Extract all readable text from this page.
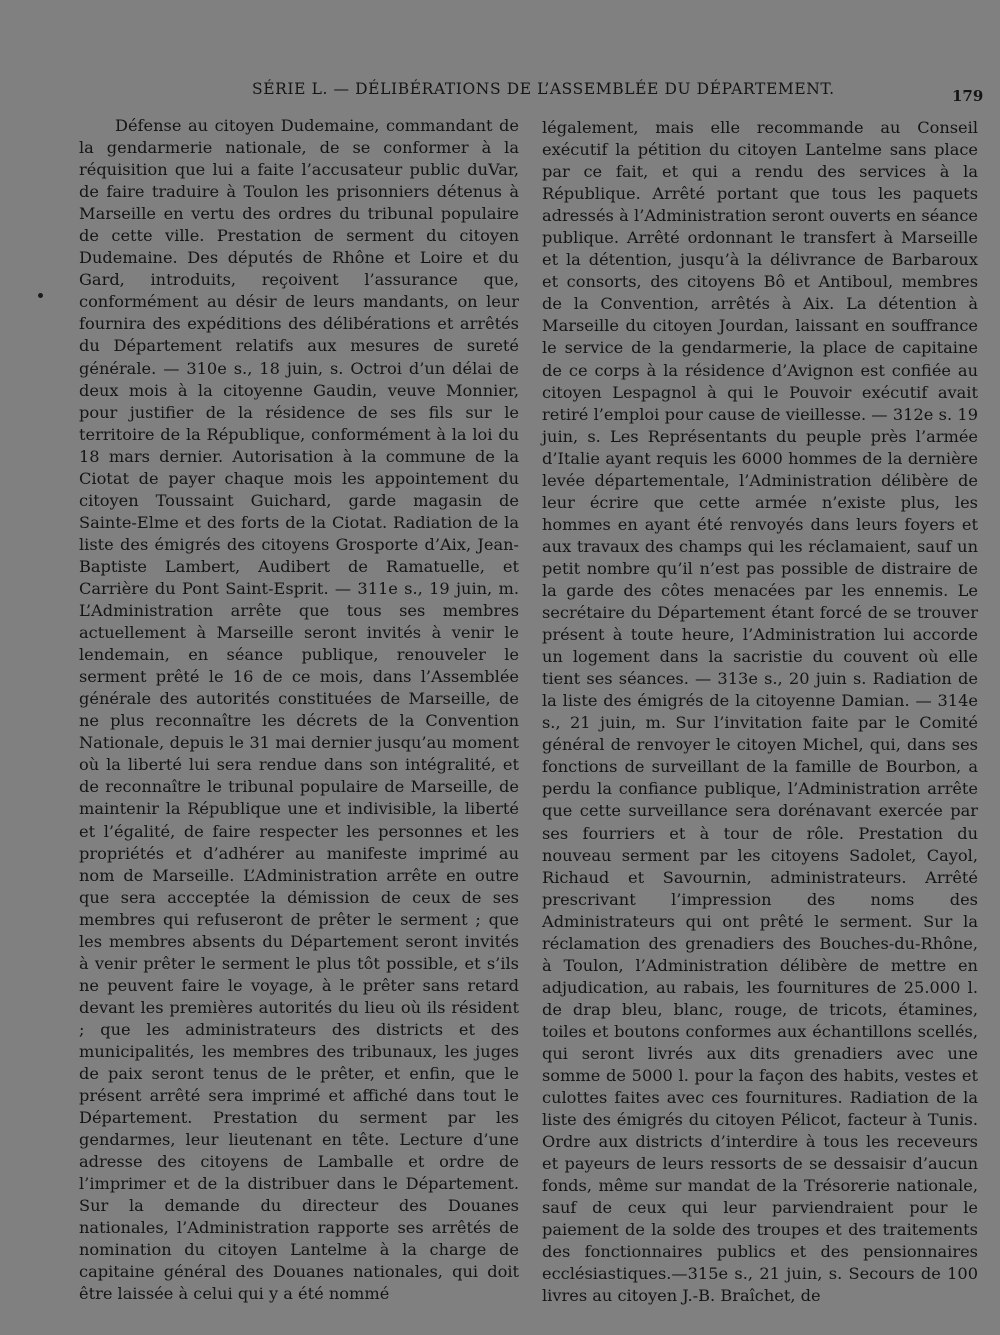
SÉRIE L. — DÉLIBÉRATIONS DE L’ASSEMBLÉE DU DÉPARTEMENT.	179

Défense au citoyen Dudemaine, commandant de la gendarmerie nationale, de se conformer à la réquisition que lui a faite l’accusateur public duVar, de faire traduire à Toulon les prisonniers détenus à Marseille en vertu des ordres du tribunal populaire de cette ville. Prestation de serment du citoyen Dudemaine. Des députés de Rhône et Loire et du Gard, introduits, reçoivent l’assurance que, conformément au désir de leurs mandants, on leur fournira des expéditions des délibérations et arrêtés du Département relatifs aux mesures de sureté générale. — 310e s., 18 juin, s. Octroi d’un délai de deux mois à la citoyenne Gaudin, veuve Monnier, pour justifier de la résidence de ses fils sur le territoire de la République, conformément à la loi du 18 mars dernier. Autorisation à la commune de la Ciotat de payer chaque mois les appointement du citoyen Toussaint Guichard, garde magasin de Sainte-Elme et des forts de la Ciotat. Radiation de la liste des émigrés des citoyens Grosporte d’Aix, Jean-Baptiste Lambert, Audibert de Ramatuelle, et Carrière du Pont Saint-Esprit. — 311e s., 19 juin, m. L’Administration arrête que tous ses membres actuellement à Marseille seront invités à venir le lendemain, en séance publique, renouveler le serment prêté le 16 de ce mois, dans l’Assemblée générale des autorités constituées de Marseille, de ne plus reconnaître les décrets de la Convention Nationale, depuis le 31 mai dernier jusqu’au moment où la liberté lui sera rendue dans son intégralité, et de reconnaître le tribunal populaire de Marseille, de maintenir la République une et indivisible, la liberté et l’égalité, de faire respecter les personnes et les propriétés et d’adhérer au manifeste imprimé au nom de Marseille. L’Administration arrête en outre que sera accceptée la démission de ceux de ses membres qui refuseront de prêter le serment ; que les membres absents du Département seront invités à venir prêter le serment le plus tôt possible, et s’ils ne peuvent faire le voyage, à le prêter sans retard devant les premières autorités du lieu où ils résident ; que les administrateurs des districts et des municipalités, les membres des tribunaux, les juges de paix seront tenus de le prêter, et enfin, que le présent arrêté sera imprimé et affiché dans tout le Département. Prestation du serment par les gendarmes, leur lieutenant en tête. Lecture d’une adresse des citoyens de Lamballe et ordre de l’imprimer et de la distribuer dans le Département. Sur la demande du directeur des Douanes nationales, l’Administration rapporte ses arrêtés de nomination du citoyen Lantelme à la charge de capitaine général des Douanes nationales, qui doit être laissée à celui qui y a été nommé

légalement, mais elle recommande au Conseil exécutif la pétition du citoyen Lantelme sans place par ce fait, et qui a rendu des services à la République. Arrêté portant que tous les paquets adressés à l’Administration seront ouverts en séance publique. Arrêté ordonnant le transfert à Marseille et la détention, jusqu’à la délivrance de Barbaroux et consorts, des citoyens Bô et Antiboul, membres de la Convention, arrêtés à Aix. La détention à Marseille du citoyen Jourdan, laissant en souffrance le service de la gendarmerie, la place de capitaine de ce corps à la résidence d’Avignon est confiée au citoyen Lespagnol à qui le Pouvoir exécutif avait retiré l’emploi pour cause de vieillesse. — 312e s. 19 juin, s. Les Représentants du peuple près l’armée d’Italie ayant requis les 6000 hommes de la dernière levée départementale, l’Administration délibère de leur écrire que cette armée n’existe plus, les hommes en ayant été renvoyés dans leurs foyers et aux travaux des champs qui les réclamaient, sauf un petit nombre qu’il n’est pas possible de distraire de la garde des côtes menacées par les ennemis. Le secrétaire du Département étant forcé de se trouver présent à toute heure, l’Administration lui accorde un logement dans la sacristie du couvent où elle tient ses séances. — 313e s., 20 juin s. Radiation de la liste des émigrés de la citoyenne Damian. — 314e s., 21 juin, m. Sur l’invitation faite par le Comité général de renvoyer le citoyen Michel, qui, dans ses fonctions de surveillant de la famille de Bourbon, a perdu la confiance publique, l’Administration arrête que cette surveillance sera dorénavant exercée par ses fourriers et à tour de rôle. Prestation du nouveau serment par les citoyens Sadolet, Cayol, Richaud et Savournin, administrateurs. Arrêté prescrivant l’impression des noms des Administrateurs qui ont prêté le serment. Sur la réclamation des grenadiers des Bouches-du-Rhône, à Toulon, l’Administration délibère de mettre en adjudication, au rabais, les fournitures de 25.000 l. de drap bleu, blanc, rouge, de tricots, étamines, toiles et boutons conformes aux échantillons scellés, qui seront livrés aux dits grenadiers avec une somme de 5000 l. pour la façon des habits, vestes et culottes faites avec ces fournitures. Radiation de la liste des émigrés du citoyen Pélicot, facteur à Tunis. Ordre aux districts d’interdire à tous les receveurs et payeurs de leurs ressorts de se dessaisir d’aucun fonds, même sur mandat de la Trésorerie nationale, sauf de ceux qui leur parviendraient pour le paiement de la solde des troupes et des traitements des fonctionnaires publics et des pensionnaires ecclésiastiques.—315e s., 21 juin, s. Secours de 100 livres au citoyen J.-B. Braîchet, de
